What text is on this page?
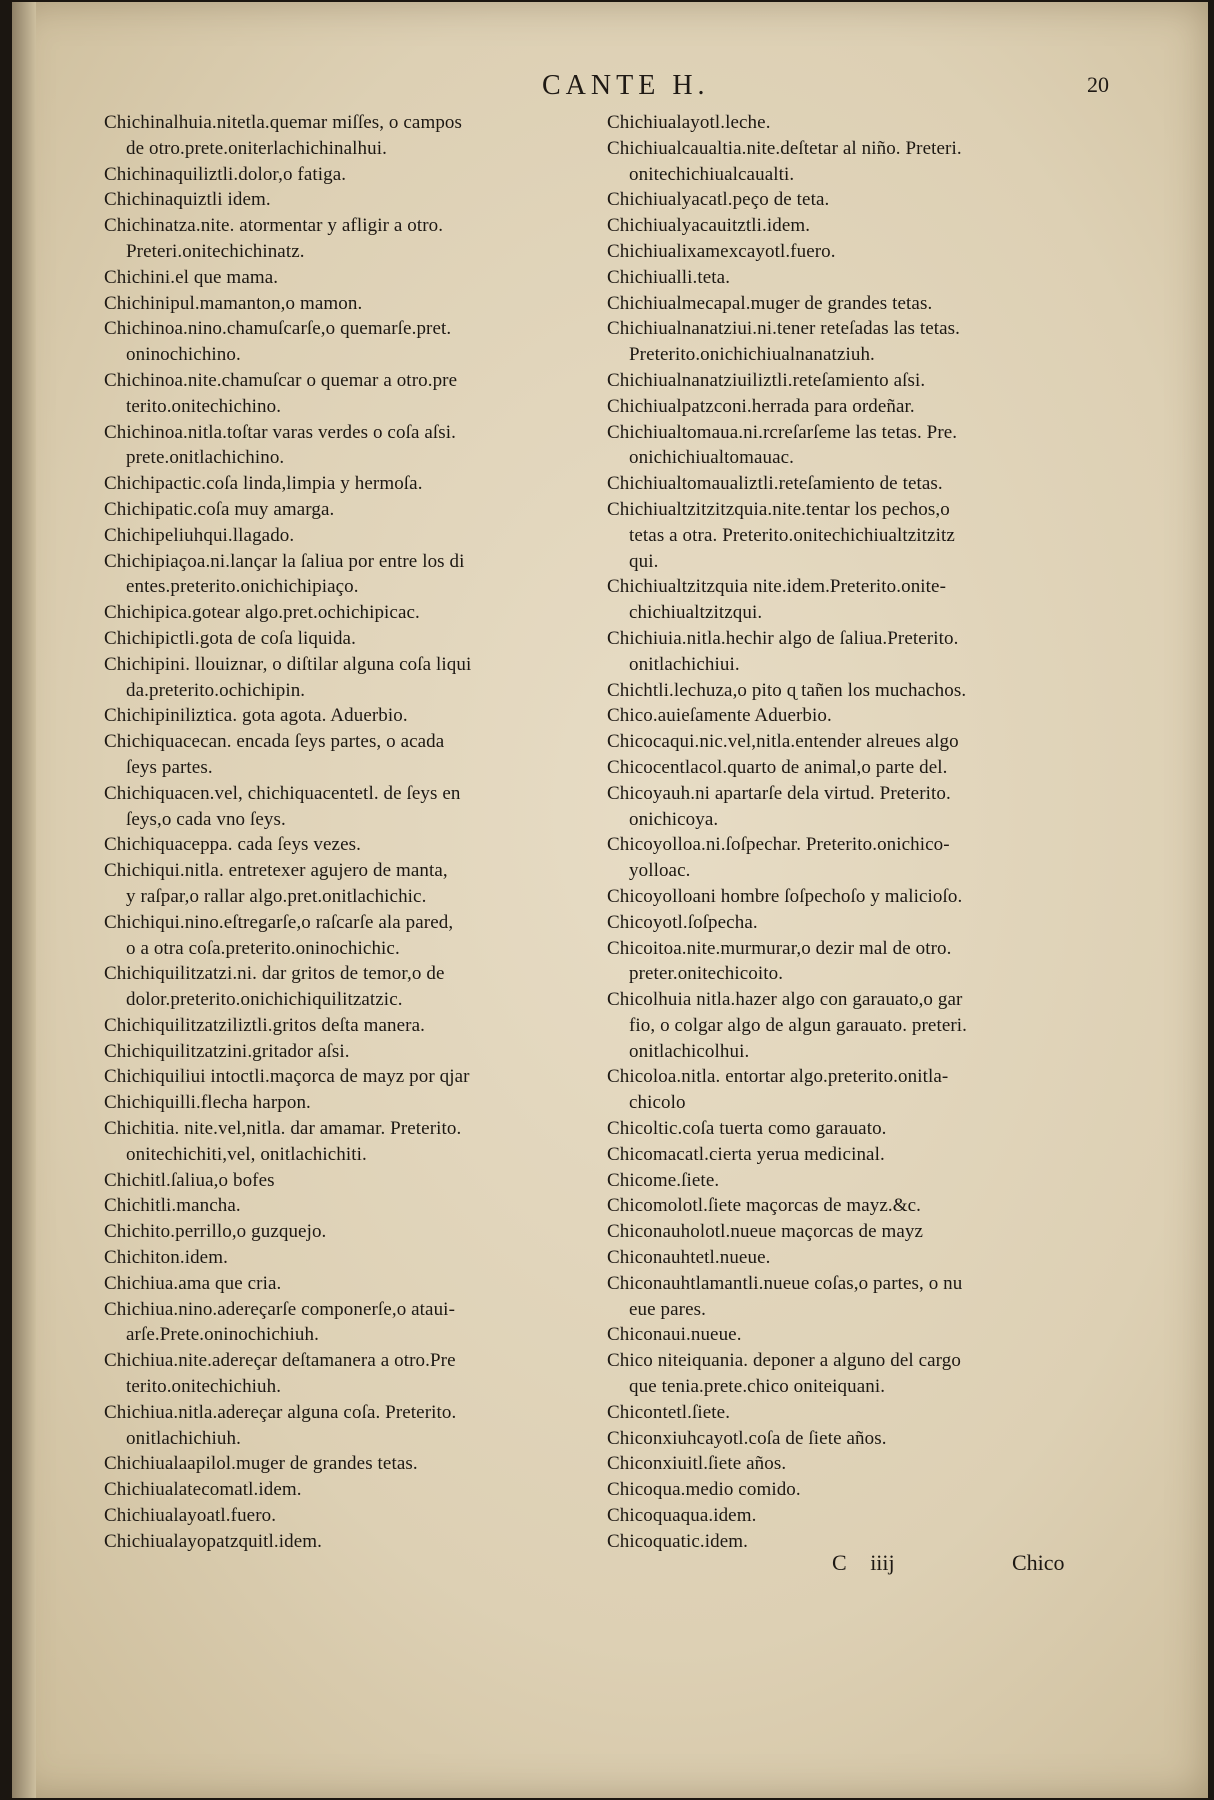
CANTE H.	20
Chichinalhuia.nitetla.quemar miſſes, o campos
de otro.prete.oniterlachichinalhui.
Chichinaquiliztli.dolor,o fatiga.
Chichinaquiztli idem.
Chichinatza.nite. atormentar y afligir a otro.
Preteri.onitechichinatz.
Chichini.el que mama.
Chichinipul.mamanton,o mamon.
Chichinoa.nino.chamuſcarſe,o quemarſe.pret.
oninochichino.
Chichinoa.nite.chamuſcar o quemar a otro.pre
terito.onitechichino.
Chichinoa.nitla.toſtar varas verdes o coſa aſsi.
prete.onitlachichino.
Chichipactic.coſa linda,limpia y hermoſa.
Chichipatic.coſa muy amarga.
Chichipeliuhqui.llagado.
Chichipiaçoa.ni.lançar la ſaliua por entre los di
entes.preterito.onichichipiaço.
Chichipica.gotear algo.pret.ochichipicac.
Chichipictli.gota de coſa liquida.
Chichipini. llouiznar, o diſtilar alguna coſa liqui
da.preterito.ochichipin.
Chichipiniliztica. gota agota. Aduerbio.
Chichiquacecan. encada ſeys partes, o acada
ſeys partes.
Chichiquacen.vel, chichiquacentetl. de ſeys en
ſeys,o cada vno ſeys.
Chichiquaceppa. cada ſeys vezes.
Chichiqui.nitla. entretexer agujero de manta,
y raſpar,o rallar algo.pret.onitlachichic.
Chichiqui.nino.eſtregarſe,o raſcarſe ala pared,
o a otra coſa.preterito.oninochichic.
Chichiquilitzatzi.ni. dar gritos de temor,o de
dolor.preterito.onichichiquilitzatzic.
Chichiquilitzatziliztli.gritos deſta manera.
Chichiquilitzatzini.gritador aſsi.
Chichiquiliui intoctli.maçorca de mayz por ɋjar
Chichiquilli.flecha harpon.
Chichitia. nite.vel,nitla. dar amamar. Preterito.
onitechichiti,vel, onitlachichiti.
Chichitl.ſaliua,o bofes
Chichitli.mancha.
Chichito.perrillo,o guzquejo.
Chichiton.idem.
Chichiua.ama que cria.
Chichiua.nino.adereçarſe componerſe,o ataui-
arſe.Prete.oninochichiuh.
Chichiua.nite.adereçar deſtamanera a otro.Pre
terito.onitechichiuh.
Chichiua.nitla.adereçar alguna coſa. Preterito.
onitlachichiuh.
Chichiualaapilol.muger de grandes tetas.
Chichiualatecomatl.idem.
Chichiualayoatl.fuero.
Chichiualayopatzquitl.idem.
Chichiualayotl.leche.
Chichiualcaualtia.nite.deſtetar al niño. Preteri.
onitechichiualcaualti.
Chichiualyacatl.peço de teta.
Chichiualyacauitztli.idem.
Chichiualixamexcayotl.fuero.
Chichiualli.teta.
Chichiualmecapal.muger de grandes tetas.
Chichiualnanatziui.ni.tener reteſadas las tetas.
Preterito.onichichiualnanatziuh.
Chichiualnanatziuiliztli.reteſamiento aſsi.
Chichiualpatzconi.herrada para ordeñar.
Chichiualtomaua.ni.rcreſarſeme las tetas. Pre.
onichichiualtomauac.
Chichiualtomaualiztli.reteſamiento de tetas.
Chichiualtzitzitzquia.nite.tentar los pechos,o
tetas a otra. Preterito.onitechichiualtzitzitz
qui.
Chichiualtzitzquia nite.idem.Preterito.onite-
chichiualtzitzqui.
Chichiuia.nitla.hechir algo de ſaliua.Preterito.
onitlachichiui.
Chichtli.lechuza,o pito ɋ tañen los muchachos.
Chico.auieſamente Aduerbio.
Chicocaqui.nic.vel,nitla.entender alreues algo
Chicocentlacol.quarto de animal,o parte del.
Chicoyauh.ni apartarſe dela virtud. Preterito.
onichicoya.
Chicoyolloa.ni.ſoſpechar. Preterito.onichico-
yolloac.
Chicoyolloani hombre ſoſpechoſo y malicioſo.
Chicoyotl.ſoſpecha.
Chicoitoa.nite.murmurar,o dezir mal de otro.
preter.onitechicoito.
Chicolhuia nitla.hazer algo con garauato,o gar
fio, o colgar algo de algun garauato. preteri.
onitlachicolhui.
Chicoloa.nitla. entortar algo.preterito.onitla-
chicolo
Chicoltic.coſa tuerta como garauato.
Chicomacatl.cierta yerua medicinal.
Chicome.ſiete.
Chicomolotl.ſiete maçorcas de mayz.&c.
Chiconauholotl.nueue maçorcas de mayz
Chiconauhtetl.nueue.
Chiconauhtlamantli.nueue coſas,o partes, o nu
eue pares.
Chiconaui.nueue.
Chico niteiquania. deponer a alguno del cargo
que tenia.prete.chico oniteiquani.
Chicontetl.ſiete.
Chiconxiuhcayotl.coſa de ſiete años.
Chiconxiuitl.ſiete años.
Chicoqua.medio comido.
Chicoquaqua.idem.
Chicoquatic.idem.
C iiij	Chico
